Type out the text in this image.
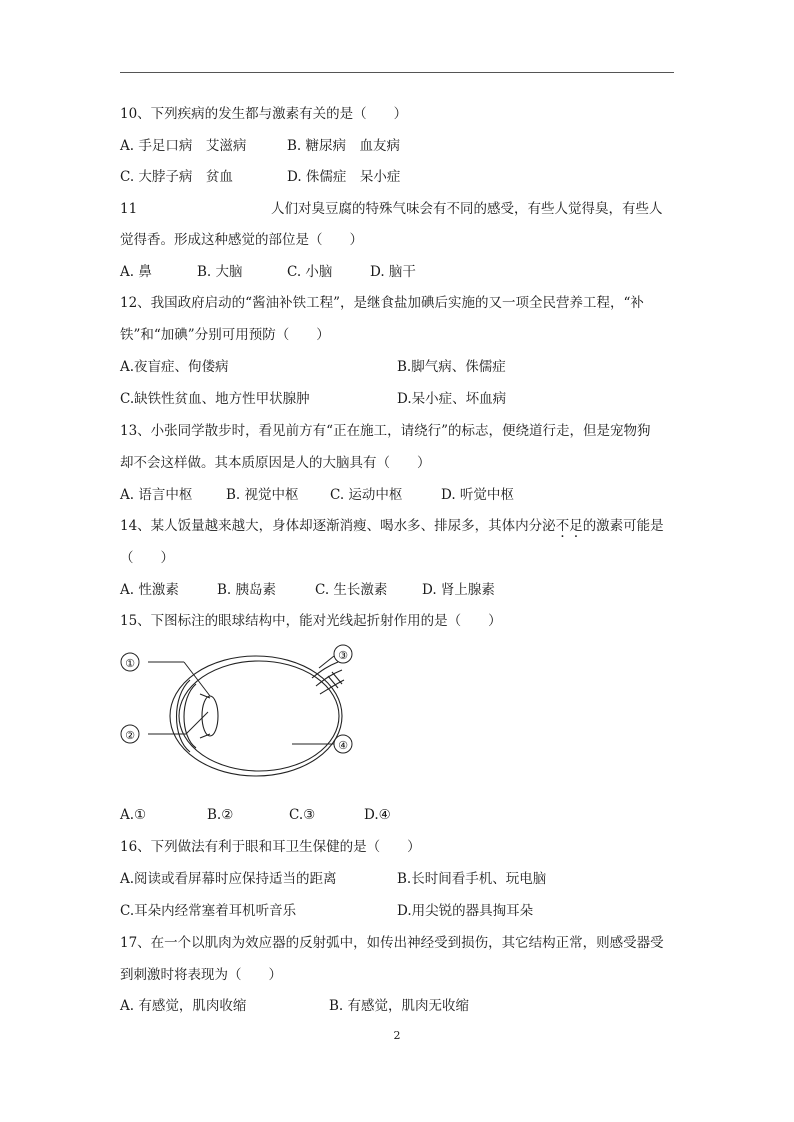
10、下列疾病的发生都与激素有关的是（　　）
A. 手足口病　艾滋病	B. 糖尿病　血友病
C. 大脖子病　贫血	D. 侏儒症　呆小症
11	人们对臭豆腐的特殊气味会有不同的感受，有些人觉得臭，有些人
觉得香。形成这种感觉的部位是（　　）
A. 鼻	B. 大脑	C. 小脑	D. 脑干
12、我国政府启动的“酱油补铁工程”，是继食盐加碘后实施的又一项全民营养工程，“补
铁”和“加碘”分别可用预防（　　）
A.夜盲症、佝偻病	B.脚气病、侏儒症
C.缺铁性贫血、地方性甲状腺肿	D.呆小症、坏血病
13、小张同学散步时，看见前方有“正在施工，请绕行”的标志，便绕道行走，但是宠物狗
却不会这样做。其本质原因是人的大脑具有（　　）
A. 语言中枢 B. 视觉中枢 C. 运动中枢	D. 听觉中枢
14、某人饭量越来越大，身体却逐渐消瘦、喝水多、排尿多，其体内分泌不足的激素可能是
（　　）
A. 性激素	B. 胰岛素	C. 生长激素	D. 肾上腺素
15、下图标注的眼球结构中，能对光线起折射作用的是（　　）
①
②
③
④
A.①	B.②	C.③	D.④
16、下列做法有利于眼和耳卫生保健的是（　　）
A.阅读或看屏幕时应保持适当的距离	B.长时间看手机、玩电脑
C.耳朵内经常塞着耳机听音乐	D.用尖锐的器具掏耳朵
17、在一个以肌肉为效应器的反射弧中，如传出神经受到损伤，其它结构正常，则感受器受
到刺激时将表现为（　　）
A. 有感觉，肌肉收缩	B. 有感觉，肌肉无收缩
2
